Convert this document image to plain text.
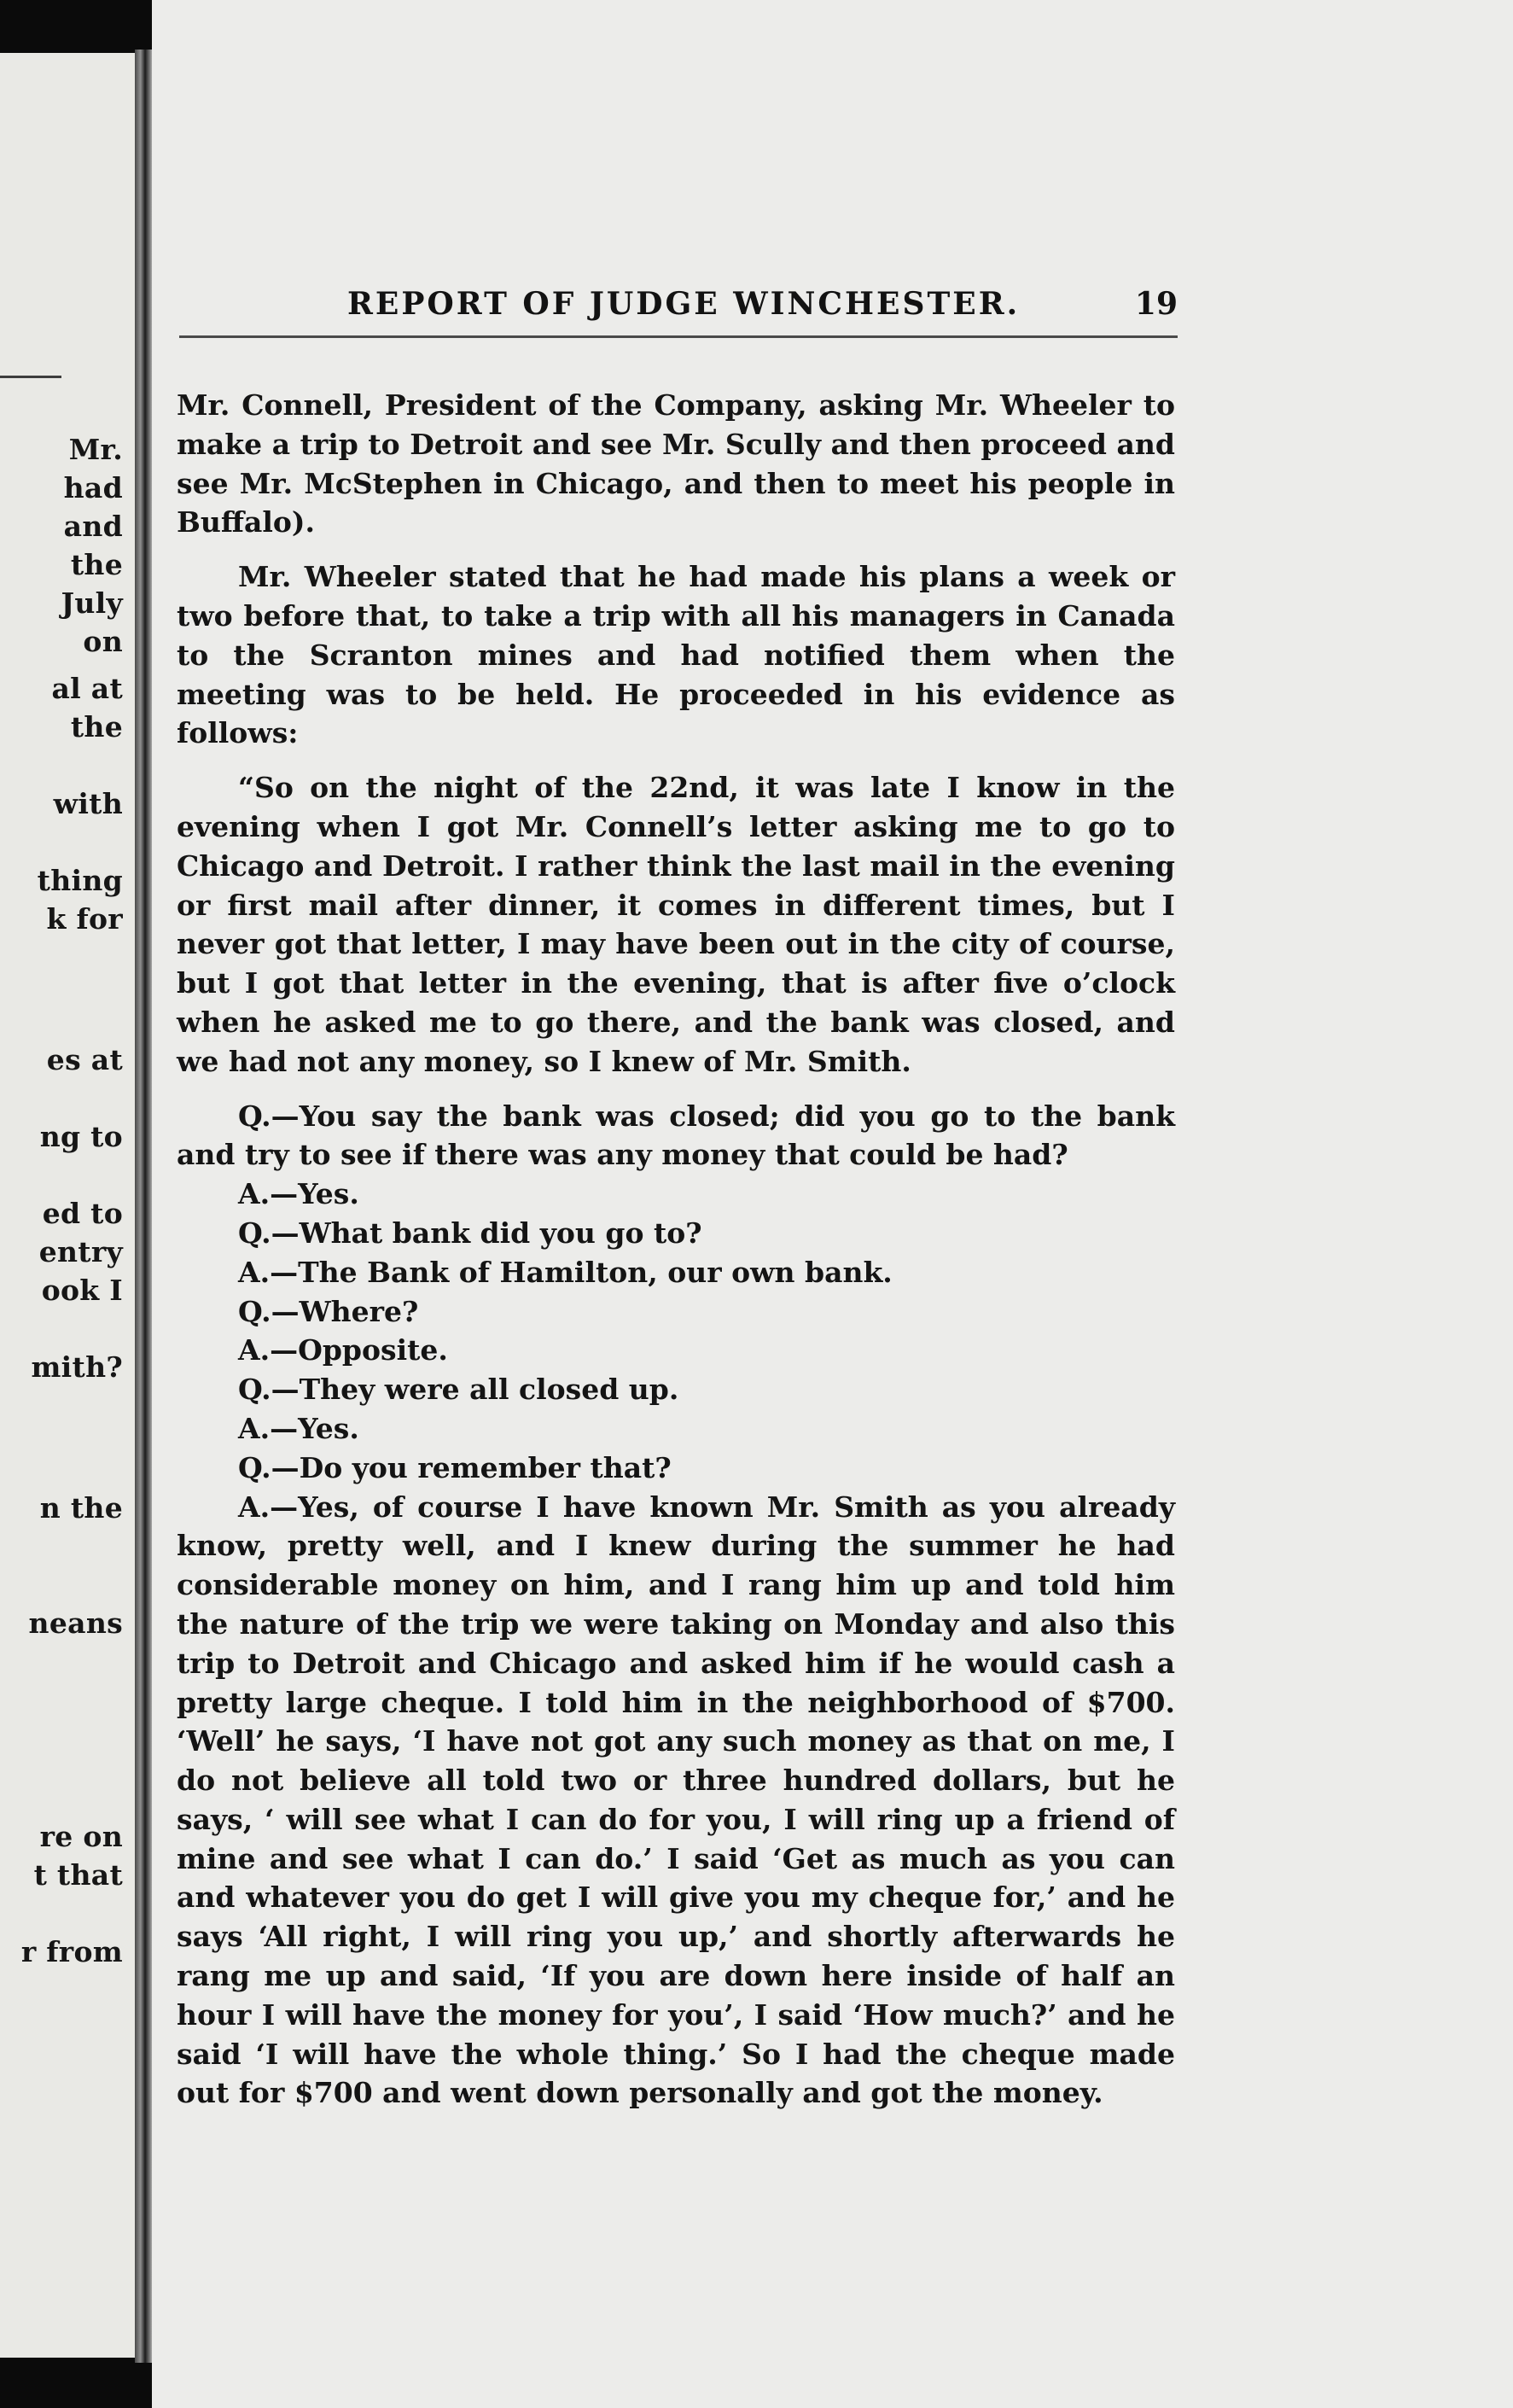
Mr.
had
and
the
July
on
al at
the
with
thing
k for
es at
ng to
ed to
entry
ook I
mith?
n the
neans
re on
t that
r from
REPORT OF JUDGE WINCHESTER.	19

Mr. Connell, President of the Company, asking Mr. Wheeler to make a trip to Detroit and see Mr. Scully and then proceed and see Mr. McStephen in Chicago, and then to meet his people in Buffalo).

Mr. Wheeler stated that he had made his plans a week or two before that, to take a trip with all his managers in Canada to the Scranton mines and had notified them when the meeting was to be held. He proceeded in his evidence as follows:

“So on the night of the 22nd, it was late I know in the evening when I got Mr. Connell’s letter asking me to go to Chicago and Detroit. I rather think the last mail in the evening or first mail after dinner, it comes in different times, but I never got that letter, I may have been out in the city of course, but I got that letter in the evening, that is after five o’clock when he asked me to go there, and the bank was closed, and we had not any money, so I knew of Mr. Smith.

Q.—You say the bank was closed; did you go to the bank and try to see if there was any money that could be had?

A.—Yes.

Q.—What bank did you go to?

A.—The Bank of Hamilton, our own bank.

Q.—Where?

A.—Opposite.

Q.—They were all closed up.

A.—Yes.

Q.—Do you remember that?

A.—Yes, of course I have known Mr. Smith as you already know, pretty well, and I knew during the summer he had considerable money on him, and I rang him up and told him the nature of the trip we were taking on Monday and also this trip to Detroit and Chicago and asked him if he would cash a pretty large cheque. I told him in the neighborhood of $700. ‘Well’ he says, ‘I have not got any such money as that on me, I do not believe all told two or three hundred dollars, but he says, ‘ will see what I can do for you, I will ring up a friend of mine and see what I can do.’ I said ‘Get as much as you can and whatever you do get I will give you my cheque for,’ and he says ‘All right, I will ring you up,’ and shortly afterwards he rang me up and said, ‘If you are down here inside of half an hour I will have the money for you’, I said ‘How much?’ and he said ‘I will have the whole thing.’ So I had the cheque made out for $700 and went down personally and got the money.
